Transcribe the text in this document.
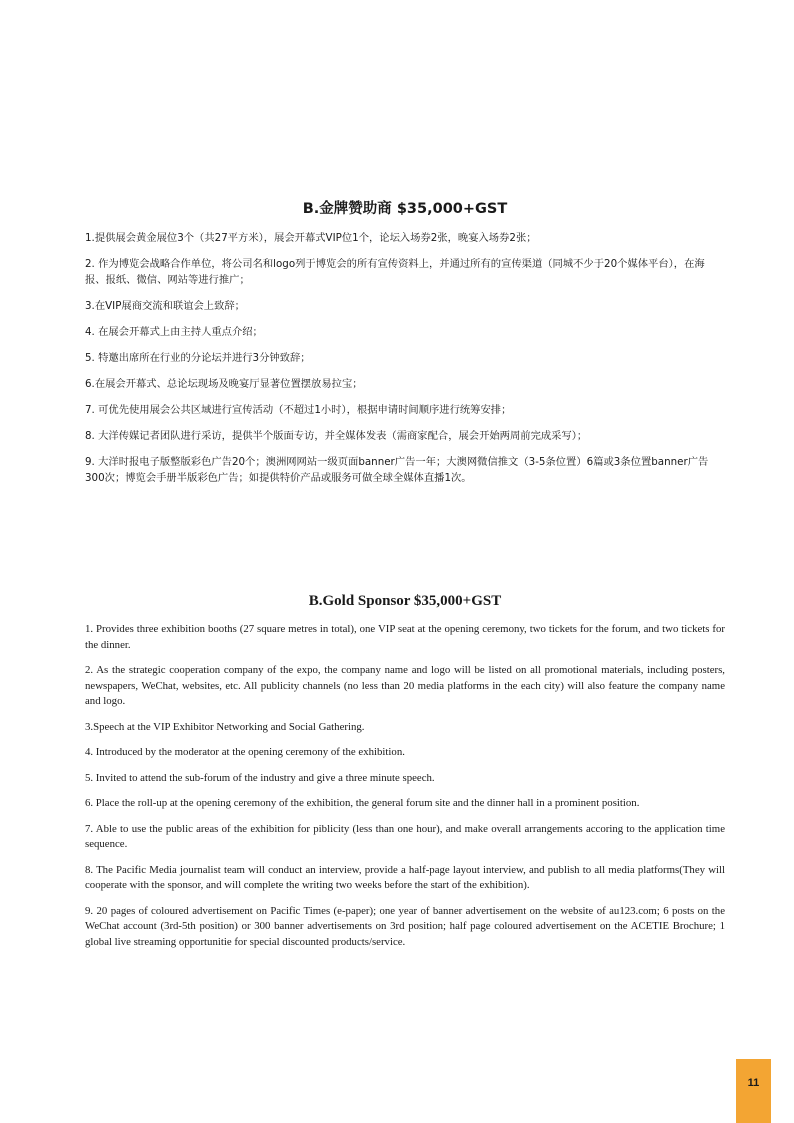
B.金牌赞助商 $35,000+GST
1.提供展会黄金展位3个（共27平方米），展会开幕式VIP位1个，论坛入场券2张，晚宴入场券2张；
2. 作为博览会战略合作单位，将公司名和logo列于博览会的所有宣传资料上，并通过所有的宣传渠道（同城不少于20个媒体平台），在海报、报纸、微信、网站等进行推广；
3.在VIP展商交流和联谊会上致辞；
4. 在展会开幕式上由主持人重点介绍；
5. 特邀出席所在行业的分论坛并进行3分钟致辞；
6.在展会开幕式、总论坛现场及晚宴厅显著位置摆放易拉宝；
7. 可优先使用展会公共区域进行宣传活动（不超过1小时），根据申请时间顺序进行统筹安排；
8. 大洋传媒记者团队进行采访，提供半个版面专访，并全媒体发表（需商家配合，展会开始两周前完成采写）；
9. 大洋时报电子版整版彩色广告20个；澳洲网网站一级页面banner广告一年；大澳网微信推文（3-5条位置）6篇或3条位置banner广告300次；博览会手册半版彩色广告；如提供特价产品或服务可做全球全媒体直播1次。
B.Gold Sponsor $35,000+GST
1. Provides three exhibition booths (27 square metres in total), one VIP seat at the opening ceremony, two tickets for the forum, and two tickets for the dinner.
2. As the strategic cooperation company of the expo, the company name and logo will be listed on all promotional materials, including posters, newspapers, WeChat, websites, etc. All publicity channels (no less than 20 media platforms in the each city) will also feature the company name and logo.
3.Speech at the VIP Exhibitor Networking and Social Gathering.
4. Introduced by the moderator at the opening ceremony of the exhibition.
5. Invited to attend the sub-forum of the industry and give a three minute speech.
6. Place the roll-up at the opening ceremony of the exhibition, the general forum site and the dinner hall in a prominent position.
7. Able to use the public areas of the exhibition for piblicity (less than one hour), and make overall arrangements accoring to the application time sequence.
8. The Pacific Media journalist team will conduct an interview, provide a half-page layout interview, and publish to all media platforms(They will cooperate with the sponsor, and will complete the writing two weeks before the start of the exhibition).
9. 20 pages of coloured advertisement on Pacific Times (e-paper); one year of banner advertisement on the website of au123.com; 6 posts on the WeChat account (3rd-5th position) or 300 banner advertisements on 3rd position; half page coloured advertisement on the ACETIE Brochure; 1 global live streaming opportunitie for special discounted products/service.
11
